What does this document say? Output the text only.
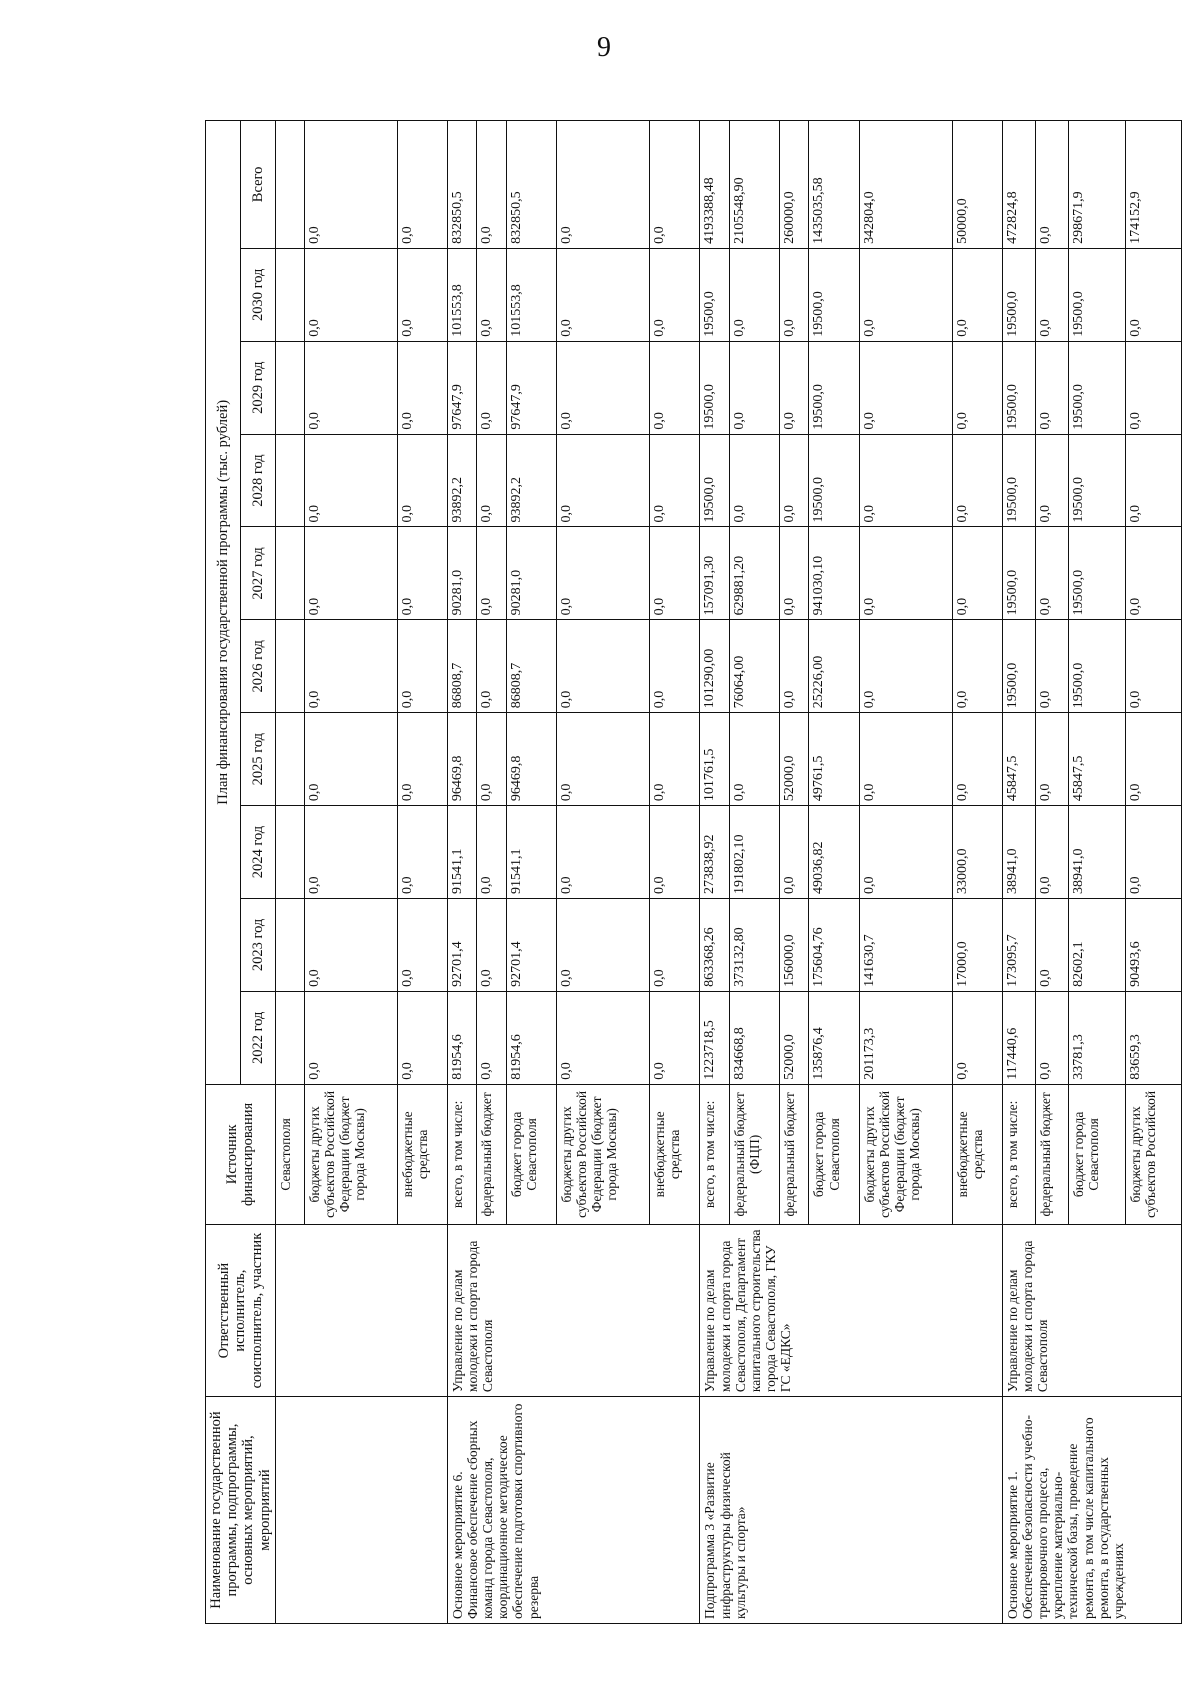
9
Наименование государственной программы, подпрограммы, основных мероприятий, мероприятий	Ответственный исполнитель, соисполнитель, участник	Источник финансирования	План финансирования государственной программы (тыс. рублей)									
			2022 год	2023 год	2024 год	2025 год	2026 год	2027 год	2028 год	2029 год	2030 год	Всего
		Севастополя										
		бюджеты других субъектов Российской Федерации (бюджет города Москвы)	0,0	0,0	0,0	0,0	0,0	0,0	0,0	0,0	0,0	0,0
		внебюджетные средства	0,0	0,0	0,0	0,0	0,0	0,0	0,0	0,0	0,0	0,0
Основное мероприятие 6. Финансовое обеспечение сборных команд города Севастополя, координационное методическое обеспечение подготовки спортивного резерва	Управление по делам молодежи и спорта города Севастополя	всего, в том числе:	81954,6	92701,4	91541,1	96469,8	86808,7	90281,0	93892,2	97647,9	101553,8	832850,5
		федеральный бюджет	0,0	0,0	0,0	0,0	0,0	0,0	0,0	0,0	0,0	0,0
		бюджет города Севастополя	81954,6	92701,4	91541,1	96469,8	86808,7	90281,0	93892,2	97647,9	101553,8	832850,5
		бюджеты других субъектов Российской Федерации (бюджет города Москвы)	0,0	0,0	0,0	0,0	0,0	0,0	0,0	0,0	0,0	0,0
		внебюджетные средства	0,0	0,0	0,0	0,0	0,0	0,0	0,0	0,0	0,0	0,0
Подпрограмма 3 «Развитие инфраструктуры физической культуры и спорта»	Управление по делам молодежи и спорта города Севастополя, Департамент капитального строительства города Севастополя, ГКУ ГС «ЕДКС»	всего, в том числе:	1223718,5	863368,26	273838,92	101761,5	101290,00	157091,30	19500,0	19500,0	19500,0	4193388,48
		федеральный бюджет (ФЦП)	834668,8	373132,80	191802,10	0,0	76064,00	629881,20	0,0	0,0	0,0	2105548,90
		федеральный бюджет	52000,0	156000,0	0,0	52000,0	0,0	0,0	0,0	0,0	0,0	260000,0
		бюджет города Севастополя	135876,4	175604,76	49036,82	49761,5	25226,00	941030,10	19500,0	19500,0	19500,0	1435035,58
		бюджеты других субъектов Российской Федерации (бюджет города Москвы)	201173,3	141630,7	0,0	0,0	0,0	0,0	0,0	0,0	0,0	342804,0
		внебюджетные средства	0,0	17000,0	33000,0	0,0	0,0	0,0	0,0	0,0	0,0	50000,0
Основное мероприятие 1. Обеспечение безопасности учебно-тренировочного процесса, укрепление материально-технической базы, проведение ремонта, в том числе капитального ремонта, в государственных учреждениях	Управление по делам молодежи и спорта города Севастополя	всего, в том числе:	117440,6	173095,7	38941,0	45847,5	19500,0	19500,0	19500,0	19500,0	19500,0	472824,8
		федеральный бюджет	0,0	0,0	0,0	0,0	0,0	0,0	0,0	0,0	0,0	0,0
		бюджет города Севастополя	33781,3	82602,1	38941,0	45847,5	19500,0	19500,0	19500,0	19500,0	19500,0	298671,9
		бюджеты других субъектов Российской	83659,3	90493,6	0,0	0,0	0,0	0,0	0,0	0,0	0,0	174152,9
